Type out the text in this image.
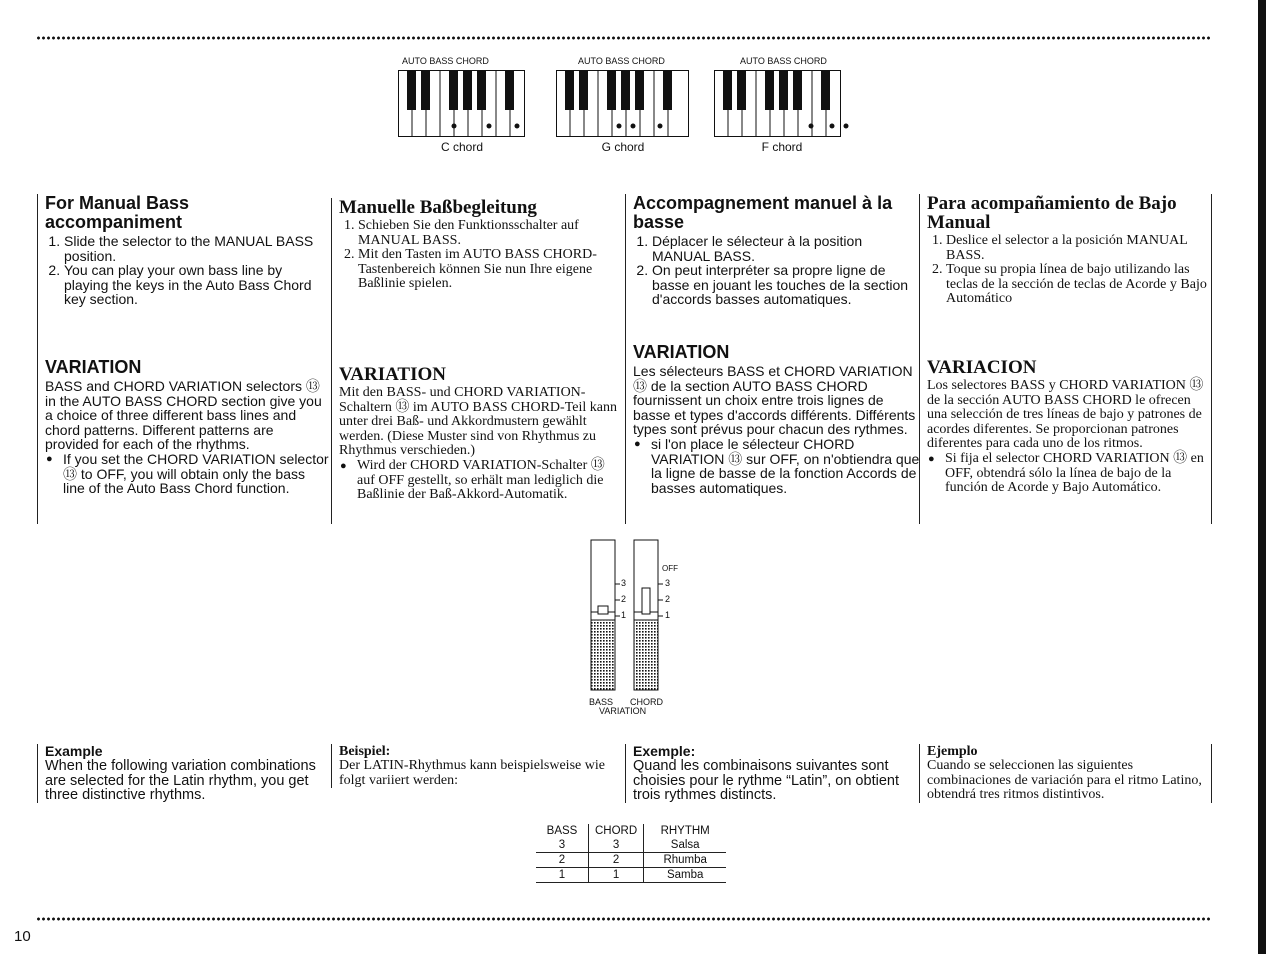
AUTO BASS CHORD
C chord
AUTO BASS CHORD
G chord
AUTO BASS CHORD
F chord
For Manual Bass accompaniment
1. Slide the selector to the MANUAL BASS position.
2. You can play your own bass line by playing the keys in the Auto Bass Chord key section.
VARIATION

BASS and CHORD VARIATION selectors ⑬ in the AUTO BASS CHORD section give you a choice of three different bass lines and chord patterns. Different patterns are provided for each of the rhythms.

● If you set the CHORD VARIATION selector ⑬ to OFF, you will obtain only the bass line of the Auto Bass Chord function.
Manuelle Baßbegleitung
1. Schieben Sie den Funktionsschalter auf MANUAL BASS.
2. Mit den Tasten im AUTO BASS CHORD-Tastenbereich können Sie nun Ihre eigene Baßlinie spielen.
VARIATION

Mit den BASS- und CHORD VARIATION-Schaltern ⑬ im AUTO BASS CHORD-Teil kann unter drei Baß- und Akkordmustern gewählt werden. (Diese Muster sind von Rhythmus zu Rhythmus verschieden.)

● Wird der CHORD VARIATION-Schalter ⑬ auf OFF gestellt, so erhält man lediglich die Baßlinie der Baß-Akkord-Automatik.
Accompagnement manuel à la basse
1. Déplacer le sélecteur à la position MANUAL BASS.
2. On peut interpréter sa propre ligne de basse en jouant les touches de la section d'accords basses automatiques.
VARIATION

Les sélecteurs BASS et CHORD VARIATION ⑬ de la section AUTO BASS CHORD fournissent un choix entre trois lignes de basse et types d'accords différents. Différents types sont prévus pour chacun des rythmes.

● si l'on place le sélecteur CHORD VARIATION ⑬ sur OFF, on n'obtiendra que la ligne de basse de la fonction Accords de basses automatiques.
Para acompañamiento de Bajo Manual
1. Deslice el selector a la posición MANUAL BASS.
2. Toque su propia línea de bajo utilizando las teclas de la sección de teclas de Acorde y Bajo Automático
VARIACION

Los selectores BASS y CHORD VARIATION ⑬ de la sección AUTO BASS CHORD le ofrecen una selección de tres líneas de bajo y patrones de acordes diferentes. Se proporcionan patrones diferentes para cada uno de los ritmos.

● Si fija el selector CHORD VARIATION ⑬ en OFF, obtendrá sólo la línea de bajo de la función de Acorde y Bajo Automático.
3
2
1
OFF
3
2
1
BASS CHORD
VARIATION
Example

When the following variation combinations are selected for the Latin rhythm, you get three distinctive rhythms.

Beispiel:

Der LATIN-Rhythmus kann beispielsweise wie folgt variiert werden:

Exemple:

Quand les combinaisons suivantes sont choisies pour le rythme “Latin”, on obtient trois rythmes distincts.

Ejemplo

Cuando se seleccionen las siguientes combinaciones de variación para el ritmo Latino, obtendrá tres ritmos distintivos.

BASS	CHORD	RHYTHM
3	3	Salsa
2	2	Rhumba
1	1	Samba
10
